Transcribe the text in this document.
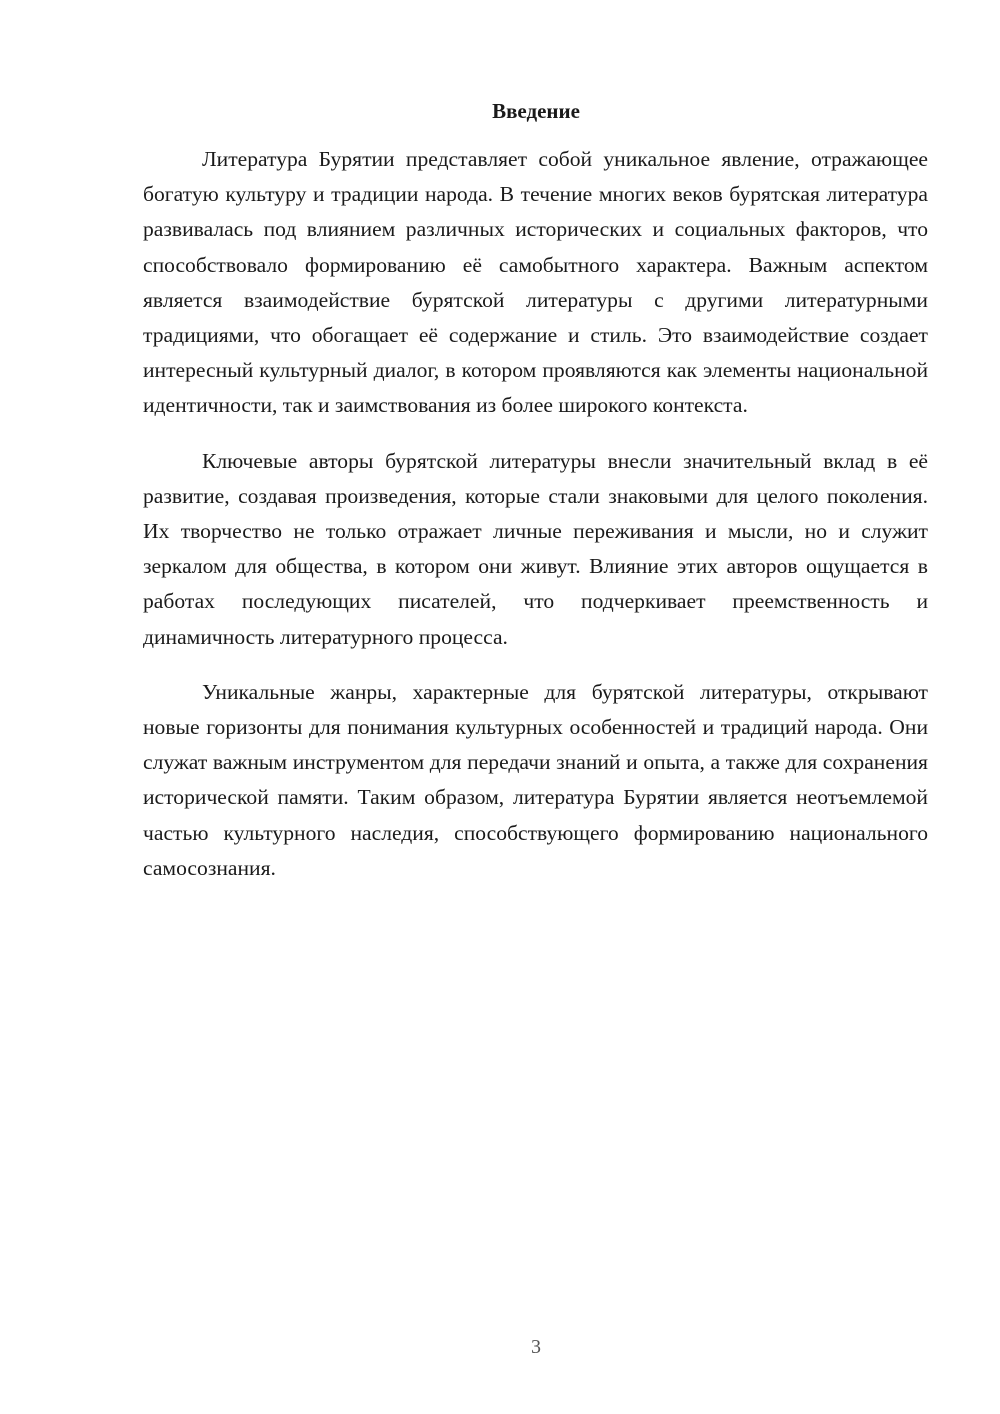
Введение

Литература Бурятии представляет собой уникальное явление, отражающее богатую культуру и традиции народа. В течение многих веков бурятская литература развивалась под влиянием различных исторических и социальных факторов, что способствовало формированию её самобытного характера. Важным аспектом является взаимодействие бурятской литературы с другими литературными традициями, что обогащает её содержание и стиль. Это взаимодействие создает интересный культурный диалог, в котором проявляются как элементы национальной идентичности, так и заимствования из более широкого контекста.

Ключевые авторы бурятской литературы внесли значительный вклад в её развитие, создавая произведения, которые стали знаковыми для целого поколения. Их творчество не только отражает личные переживания и мысли, но и служит зеркалом для общества, в котором они живут. Влияние этих авторов ощущается в работах последующих писателей, что подчеркивает преемственность и динамичность литературного процесса.

Уникальные жанры, характерные для бурятской литературы, открывают новые горизонты для понимания культурных особенностей и традиций народа. Они служат важным инструментом для передачи знаний и опыта, а также для сохранения исторической памяти. Таким образом, литература Бурятии является неотъемлемой частью культурного наследия, способствующего формированию национального самосознания.

3
